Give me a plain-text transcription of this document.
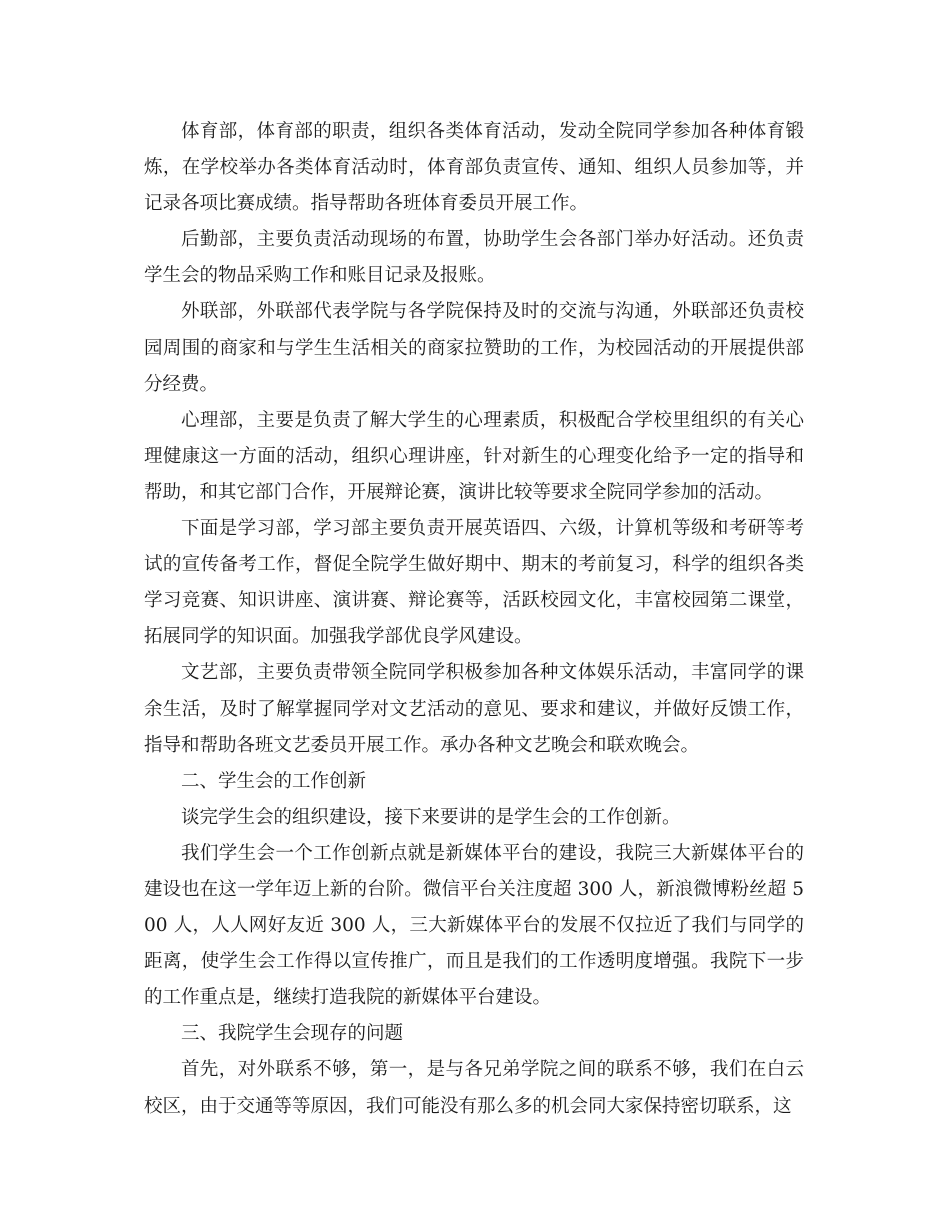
体育部，体育部的职责，组织各类体育活动，发动全院同学参加各种体育锻炼，在学校举办各类体育活动时，体育部负责宣传、通知、组织人员参加等，并记录各项比赛成绩。指导帮助各班体育委员开展工作。

后勤部，主要负责活动现场的布置，协助学生会各部门举办好活动。还负责学生会的物品采购工作和账目记录及报账。

外联部，外联部代表学院与各学院保持及时的交流与沟通，外联部还负责校园周围的商家和与学生生活相关的商家拉赞助的工作，为校园活动的开展提供部分经费。

心理部，主要是负责了解大学生的心理素质，积极配合学校里组织的有关心理健康这一方面的活动，组织心理讲座，针对新生的心理变化给予一定的指导和帮助，和其它部门合作，开展辩论赛，演讲比较等要求全院同学参加的活动。

下面是学习部，学习部主要负责开展英语四、六级，计算机等级和考研等考试的宣传备考工作，督促全院学生做好期中、期末的考前复习，科学的组织各类学习竞赛、知识讲座、演讲赛、辩论赛等，活跃校园文化，丰富校园第二课堂，拓展同学的知识面。加强我学部优良学风建设。

文艺部，主要负责带领全院同学积极参加各种文体娱乐活动，丰富同学的课余生活，及时了解掌握同学对文艺活动的意见、要求和建议，并做好反馈工作，指导和帮助各班文艺委员开展工作。承办各种文艺晚会和联欢晚会。

二、学生会的工作创新

谈完学生会的组织建设，接下来要讲的是学生会的工作创新。

我们学生会一个工作创新点就是新媒体平台的建设，我院三大新媒体平台的建设也在这一学年迈上新的台阶。微信平台关注度超 300 人，新浪微博粉丝超 500 人，人人网好友近 300 人，三大新媒体平台的发展不仅拉近了我们与同学的距离，使学生会工作得以宣传推广，而且是我们的工作透明度增强。我院下一步的工作重点是，继续打造我院的新媒体平台建设。

三、我院学生会现存的问题

首先，对外联系不够，第一，是与各兄弟学院之间的联系不够，我们在白云校区，由于交通等等原因，我们可能没有那么多的机会同大家保持密切联系，这
